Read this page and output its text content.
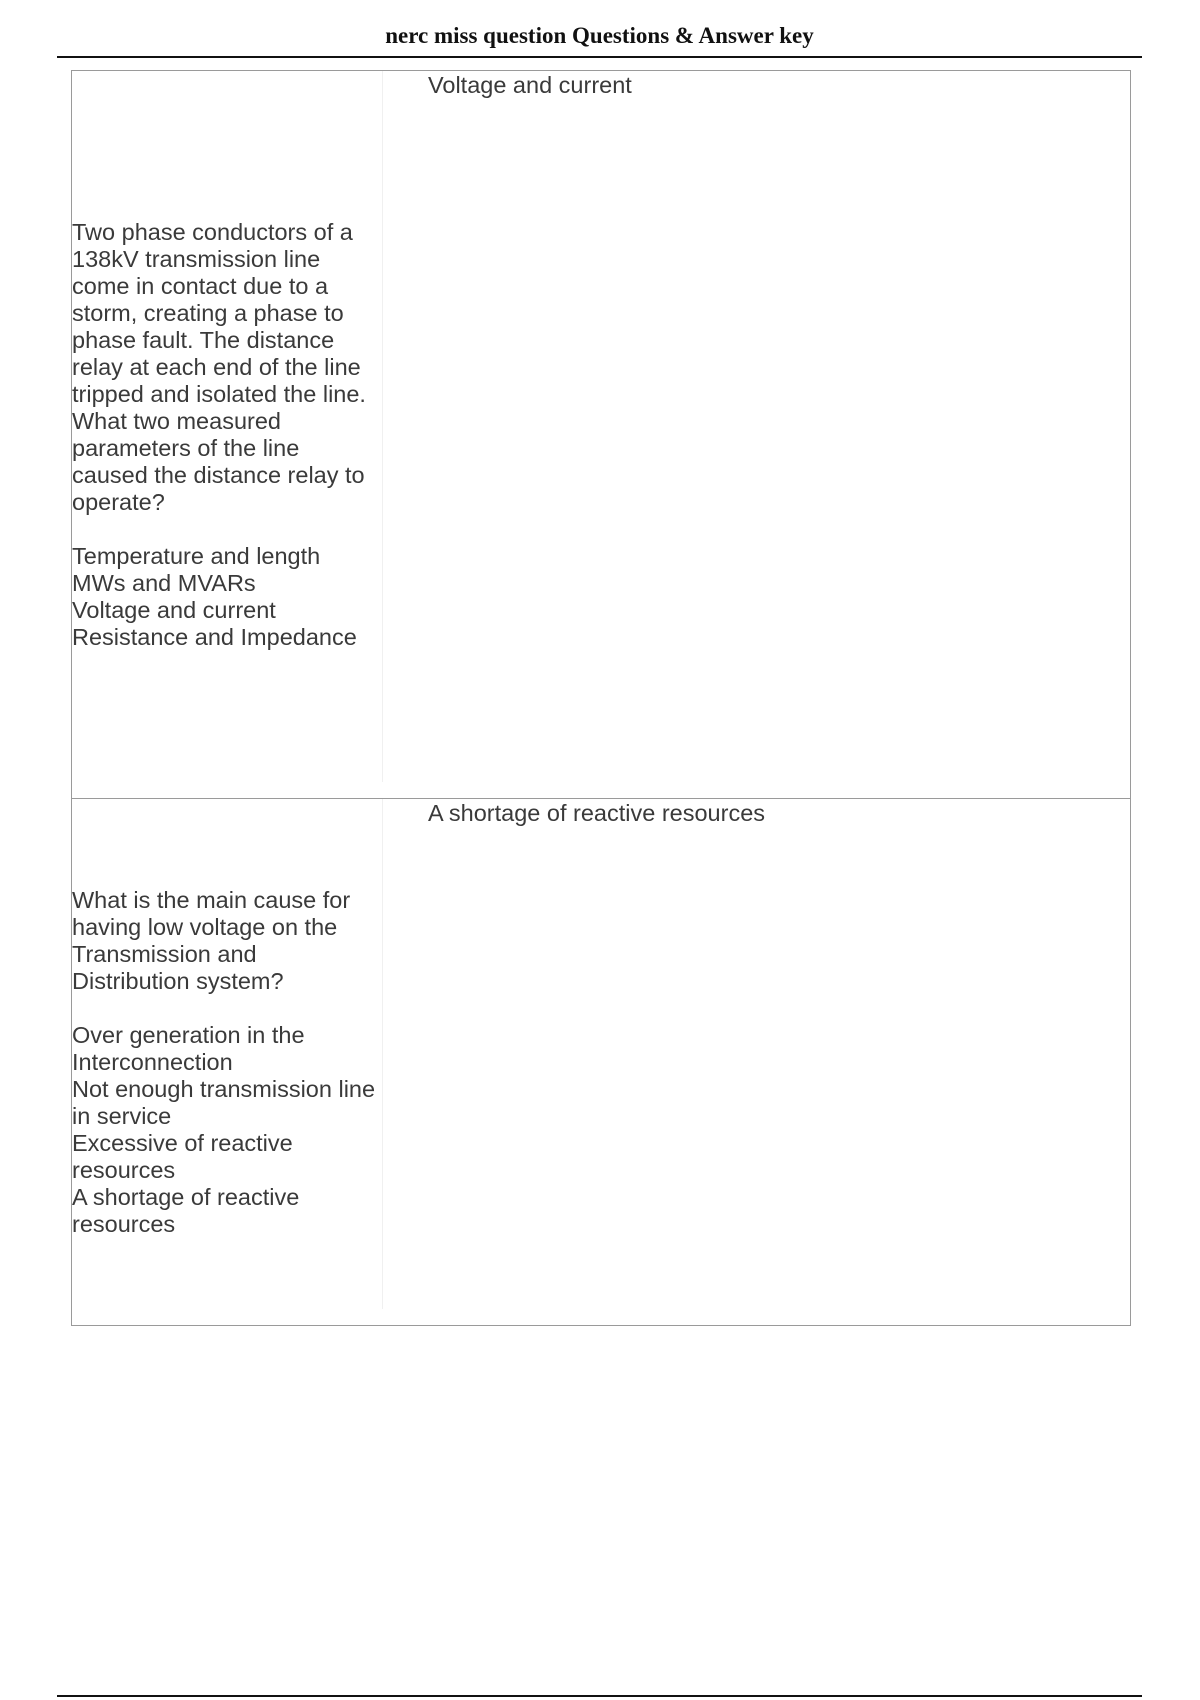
nerc miss question Questions & Answer key
Two phase conductors of a 138kV transmission line come in contact due to a storm, creating a phase to phase fault. The distance relay at each end of the line tripped and isolated the line. What two measured parameters of the line caused the distance relay to operate?
Temperature and length
MWs and MVARs
Voltage and current
Resistance and Impedance
Voltage and current
What is the main cause for having low voltage on the Transmission and Distribution system?
Over generation in the Interconnection
Not enough transmission line in service
Excessive of reactive resources
A shortage of reactive resources
A shortage of reactive resources
